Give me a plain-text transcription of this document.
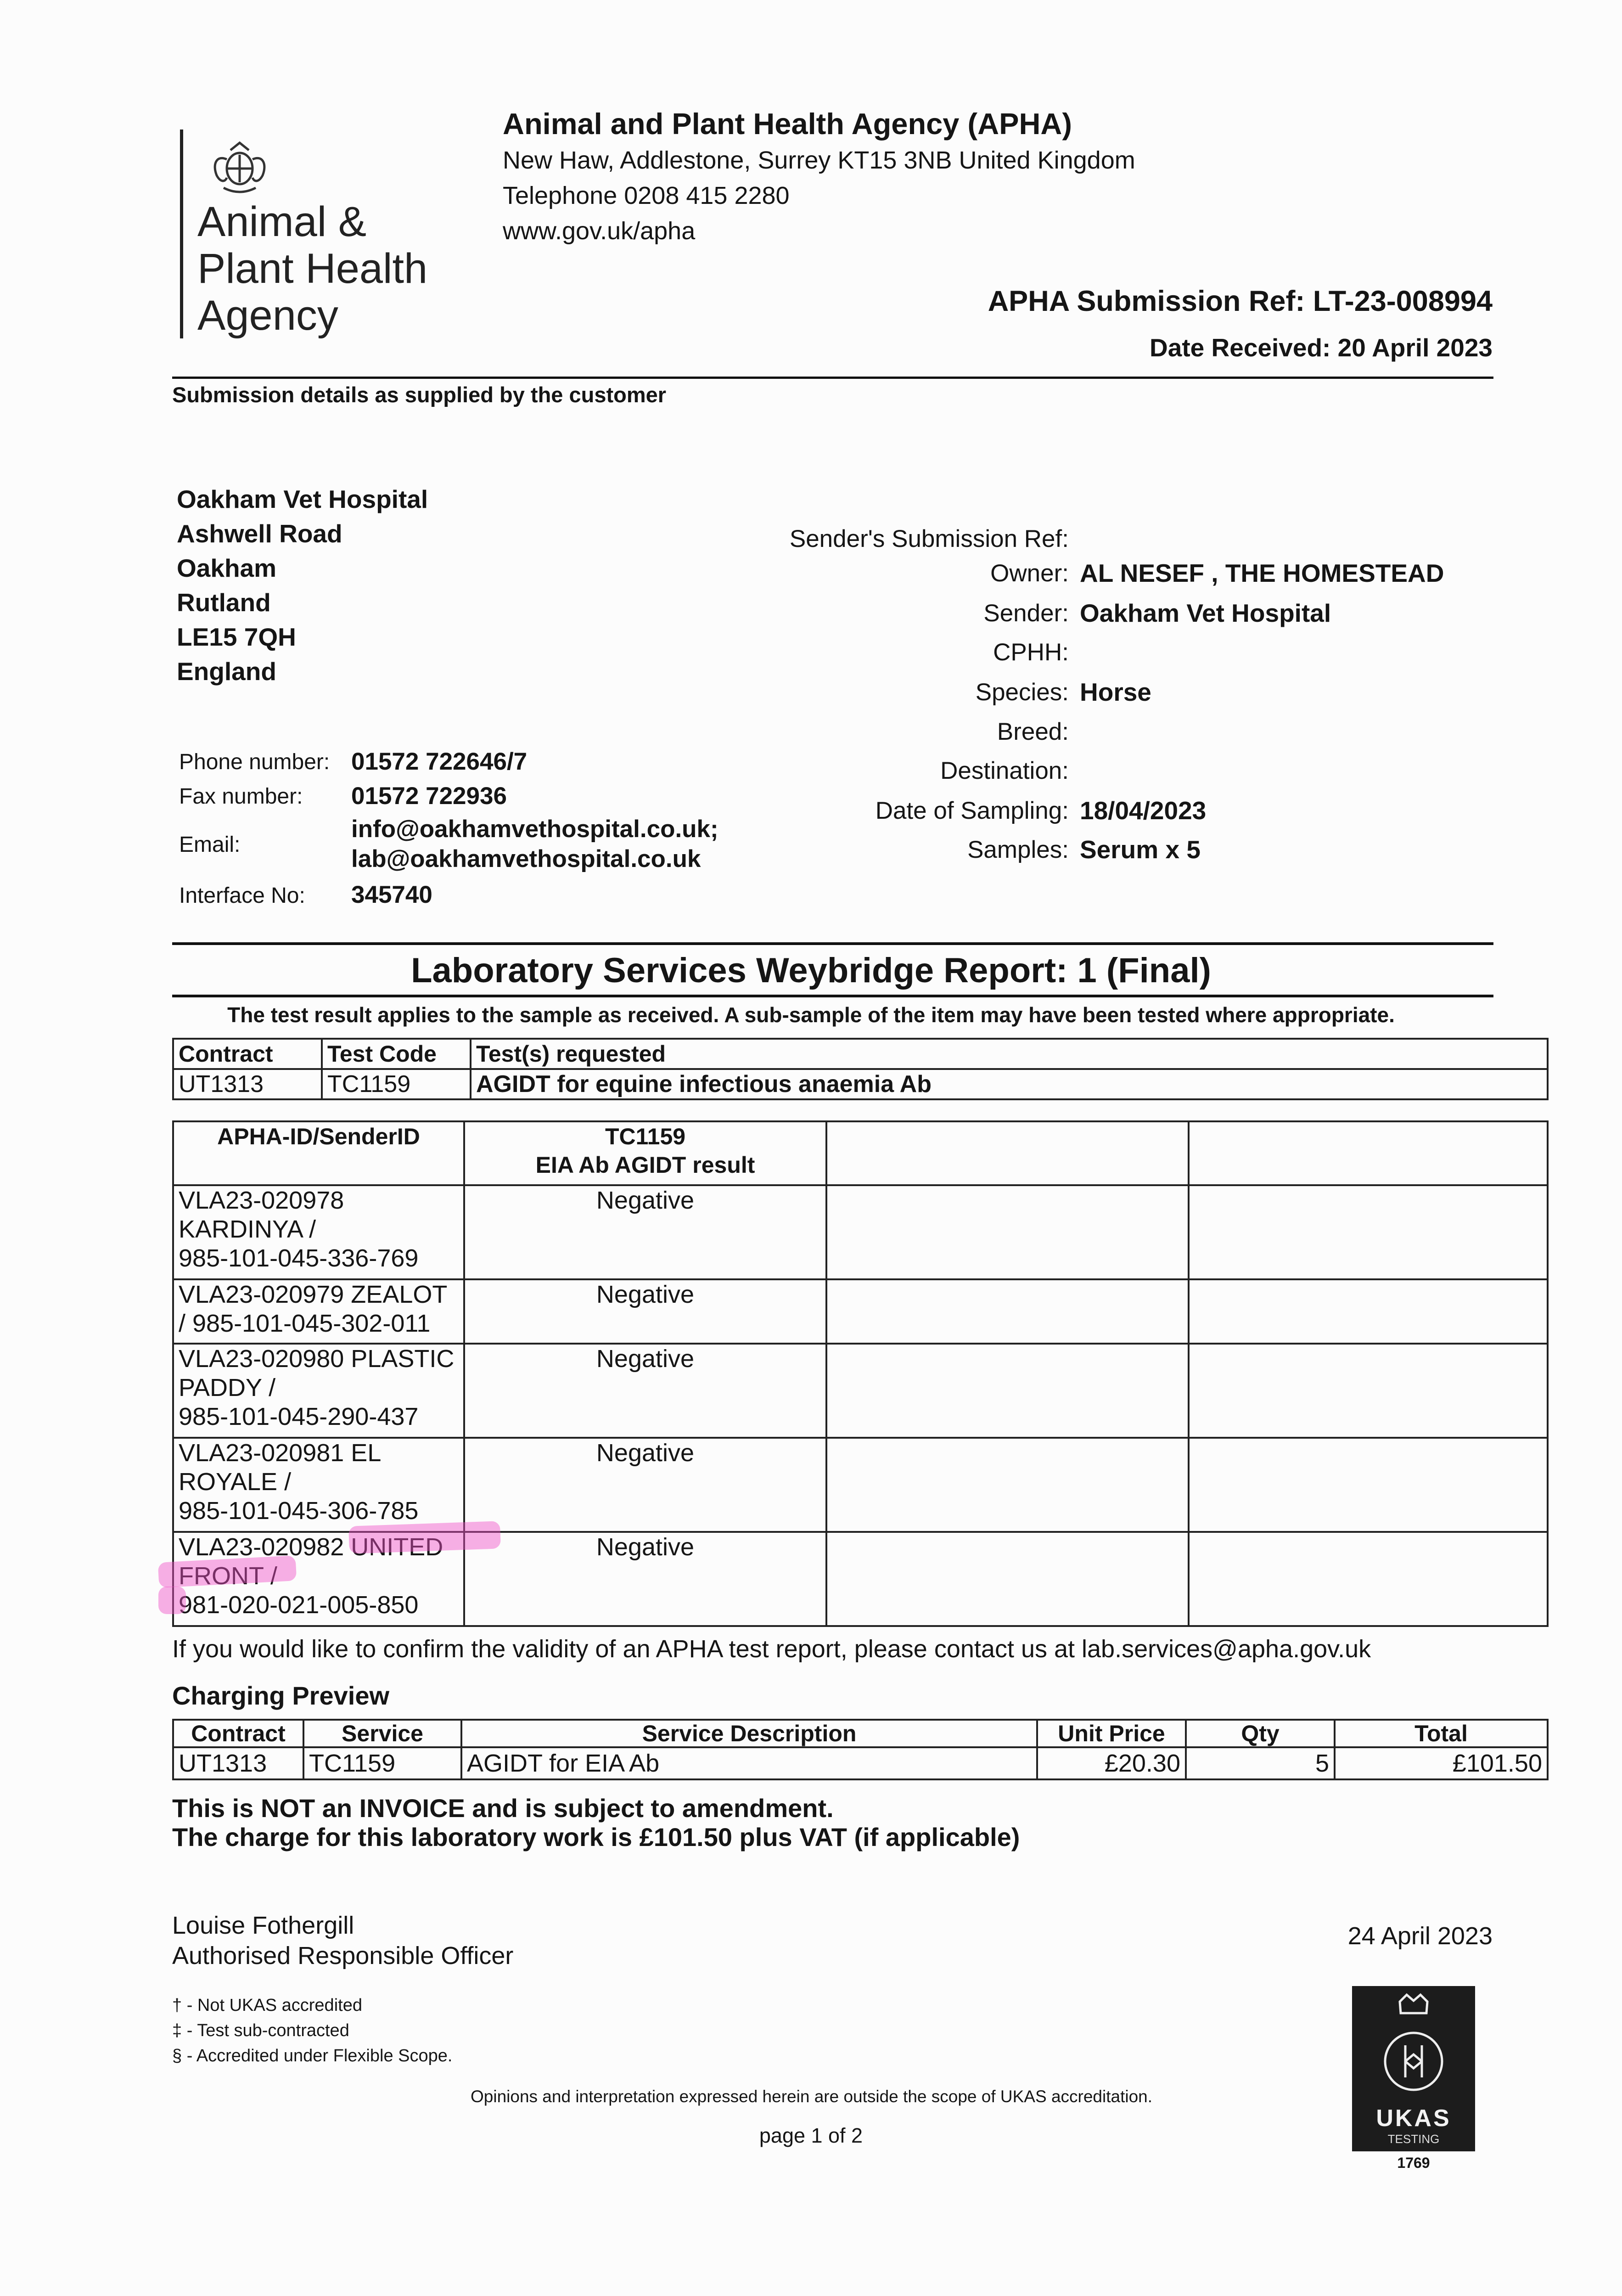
Animal &
Plant Health
Agency
Animal and Plant Health Agency (APHA)
New Haw, Addlestone, Surrey KT15 3NB United Kingdom
Telephone 0208 415 2280
www.gov.uk/apha
APHA Submission Ref: LT-23-008994
Date Received: 20 April 2023
Submission details as supplied by the customer
Oakham Vet Hospital
Ashwell Road
Oakham
Rutland
LE15 7QH
England
Phone number: 01572 722646/7
Fax number: 01572 722936
Email:
info@oakhamvethospital.co.uk;
lab@oakhamvethospital.co.uk
Interface No: 345740
Sender's Submission Ref:
Owner: AL NESEF , THE HOMESTEAD
Sender: Oakham Vet Hospital
CPHH:
Species: Horse
Breed:
Destination:
Date of Sampling: 18/04/2023
Samples: Serum x 5
Laboratory Services Weybridge Report: 1 (Final)
The test result applies to the sample as received. A sub-sample of the item may have been tested where appropriate.
Contract	Test Code	Test(s) requested
UT1313	TC1159	AGIDT for equine infectious anaemia Ab
APHA-ID/SenderID	TC1159
EIA Ab AGIDT result		

VLA23-020978
KARDINYA /
985-101-045-336-769	Negative		

VLA23-020979 ZEALOT
/ 985-101-045-302-011	Negative		

VLA23-020980 PLASTIC
PADDY /
985-101-045-290-437	Negative		

VLA23-020981 EL
ROYALE /
985-101-045-306-785	Negative		

VLA23-020982 UNITED
FRONT /
981-020-021-005-850	Negative		
If you would like to confirm the validity of an APHA test report, please contact us at lab.services@apha.gov.uk
Charging Preview
Contract	Service	Service Description	Unit Price	Qty	Total
UT1313	TC1159	AGIDT for EIA Ab	£20.30	5	£101.50
This is NOT an INVOICE and is subject to amendment.
The charge for this laboratory work is £101.50 plus VAT (if applicable)
Louise Fothergill
Authorised Responsible Officer
24 April 2023
† - Not UKAS accredited
‡ - Test sub-contracted
§ - Accredited under Flexible Scope.
Opinions and interpretation expressed herein are outside the scope of UKAS accreditation.
page 1 of 2
UKAS
TESTING
1769
